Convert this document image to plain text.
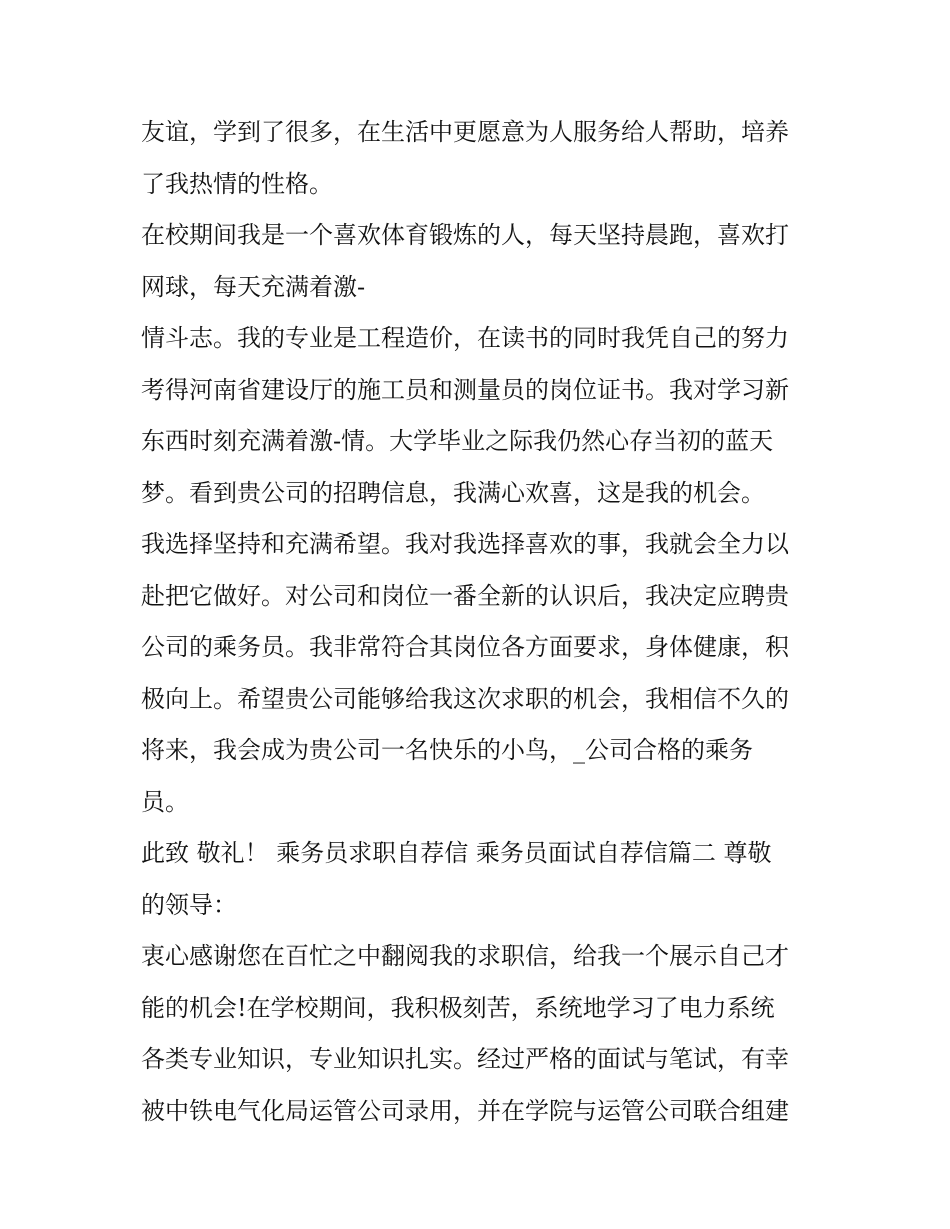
友谊，学到了很多，在生活中更愿意为人服务给人帮助，培养
了我热情的性格。
在校期间我是一个喜欢体育锻炼的人，每天坚持晨跑，喜欢打
网球，每天充满着激-
情斗志。我的专业是工程造价，在读书的同时我凭自己的努力
考得河南省建设厅的施工员和测量员的岗位证书。我对学习新
东西时刻充满着激-情。大学毕业之际我仍然心存当初的蓝天
梦。看到贵公司的招聘信息，我满心欢喜，这是我的机会。
我选择坚持和充满希望。我对我选择喜欢的事，我就会全力以
赴把它做好。对公司和岗位一番全新的认识后，我决定应聘贵
公司的乘务员。我非常符合其岗位各方面要求，身体健康，积
极向上。希望贵公司能够给我这次求职的机会，我相信不久的
将来，我会成为贵公司一名快乐的小鸟，_公司合格的乘务
员。
此致 敬礼！ 乘务员求职自荐信 乘务员面试自荐信篇二 尊敬
的领导：
衷心感谢您在百忙之中翻阅我的求职信，给我一个展示自己才
能的机会!在学校期间，我积极刻苦，系统地学习了电力系统
各类专业知识，专业知识扎实。经过严格的面试与笔试，有幸
被中铁电气化局运管公司录用，并在学院与运管公司联合组建
